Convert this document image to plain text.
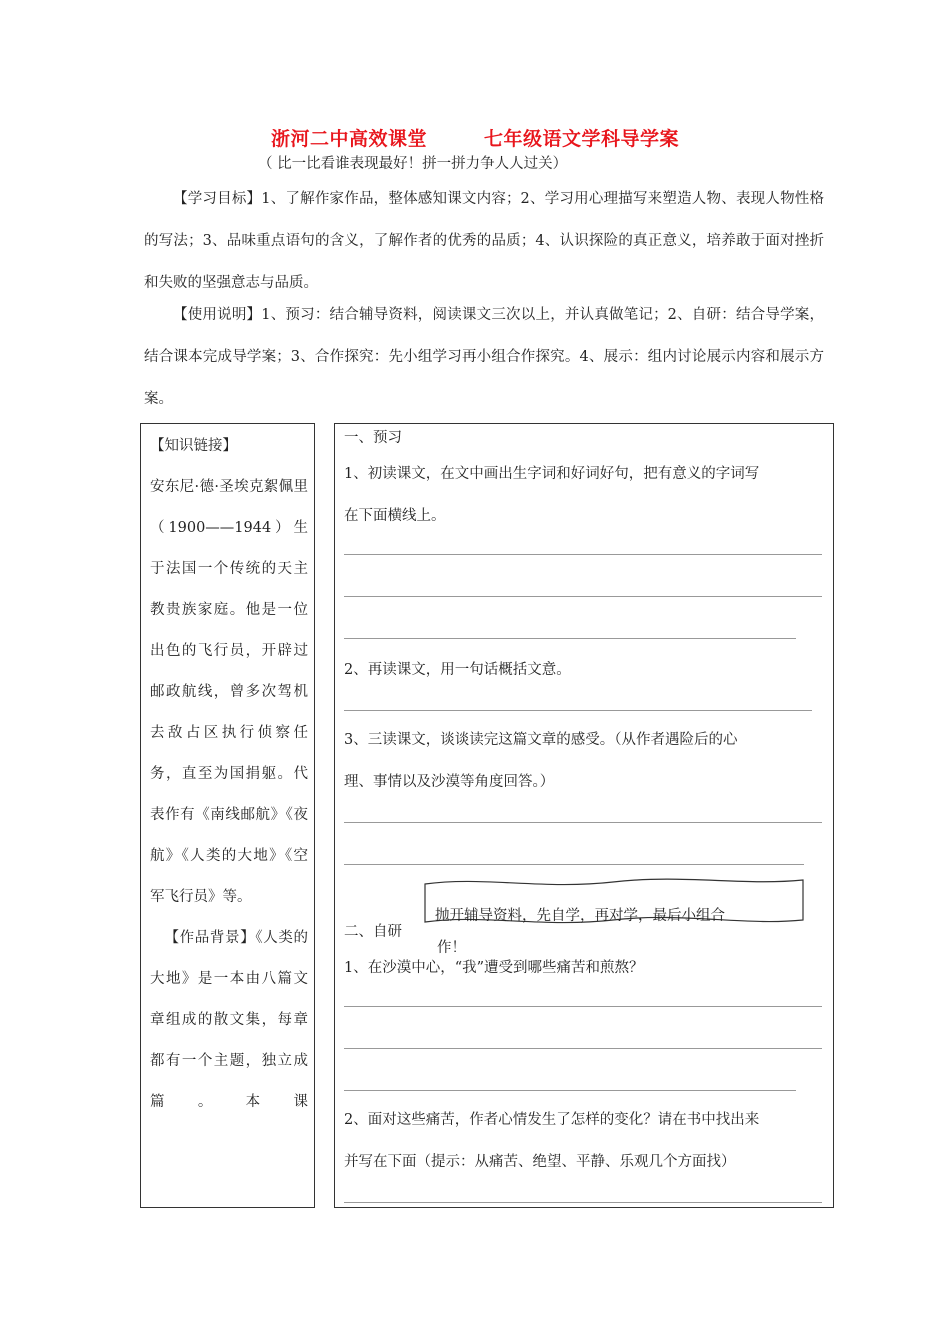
浙河二中高效课堂        七年级语文学科导学案
（ 比一比看谁表现最好！拼一拼力争人人过关）
【学习目标】1、了解作家作品，整体感知课文内容；2、学习用心理描写来塑造人物、表现人物性格的写法；3、品味重点语句的含义，了解作者的优秀的品质；4、认识探险的真正意义，培养敢于面对挫折和失败的坚强意志与品质。
【使用说明】1、预习：结合辅导资料，阅读课文三次以上，并认真做笔记；2、自研：结合导学案，结合课本完成导学案；3、合作探究：先小组学习再小组合作探究。4、展示：组内讨论展示内容和展示方案。

【知识链接】

安东尼·德·圣埃克絮佩里（1900——1944）生于法国一个传统的天主教贵族家庭。他是一位出色的飞行员，开辟过邮政航线，曾多次驾机去敌占区执行侦察任务，直至为国捐躯。代表作有《南线邮航》《夜航》《人类的大地》《空军飞行员》等。

【作品背景】《人类的大地》是一本由八篇文章组成的散文集，每章都有一个主题，独立成篇。本课

一、预习
1、初读课文，在文中画出生字词和好词好句，把有意义的字词写
在下面横线上。
2、再读课文，用一句话概括文意。
3、三读课文，谈谈读完这篇文章的感受。（从作者遇险后的心
理、事情以及沙漠等角度回答。）
二、自研
抛开辅导资料，先自学，再对学，最后小组合
作！
1、在沙漠中心，“我”遭受到哪些痛苦和煎熬？
2、面对这些痛苦，作者心情发生了怎样的变化？请在书中找出来
并写在下面（提示：从痛苦、绝望、平静、乐观几个方面找）
